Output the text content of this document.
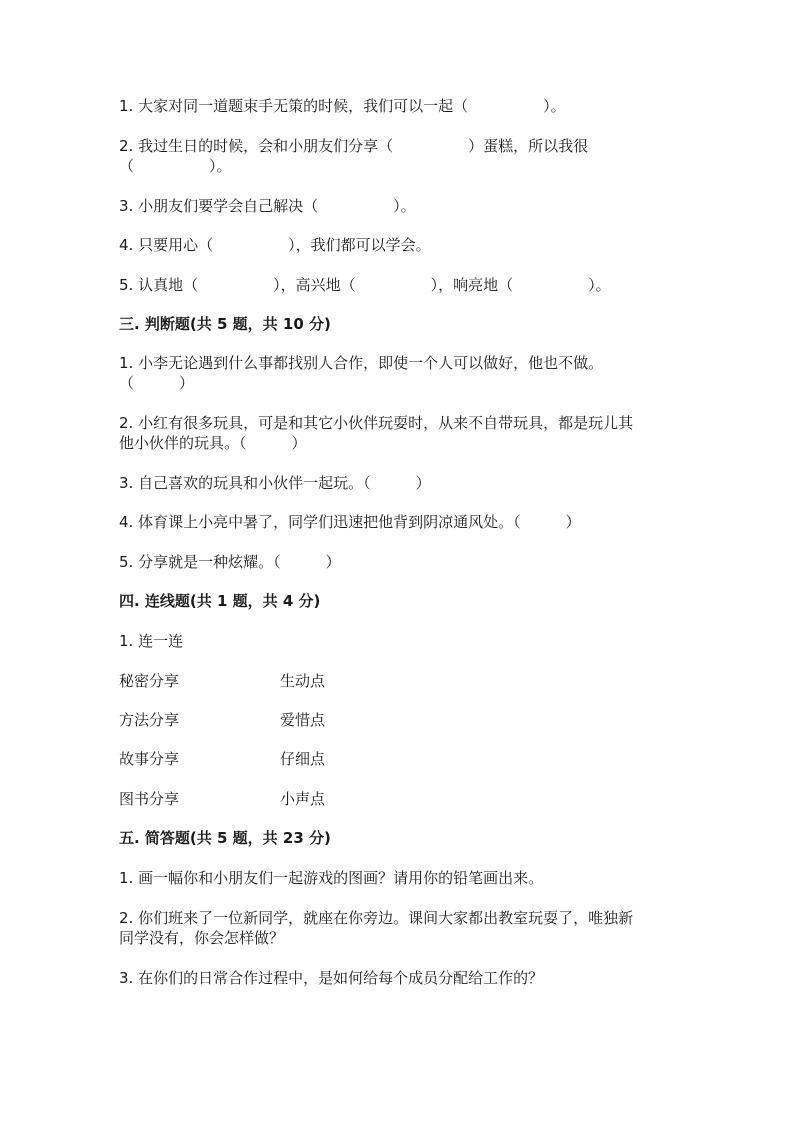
1. 大家对同一道题束手无策的时候，我们可以一起（　　　　　）。
2. 我过生日的时候，会和小朋友们分享（　　　　　）蛋糕，所以我很
（　　　　　）。
3. 小朋友们要学会自己解决（　　　　　）。
4. 只要用心（　　　　　），我们都可以学会。
5. 认真地（　　　　　），高兴地（　　　　　），响亮地（　　　　　）。
三. 判断题(共 5 题，共 10 分)
1. 小李无论遇到什么事都找别人合作，即使一个人可以做好，他也不做。
（　　　）
2. 小红有很多玩具，可是和其它小伙伴玩耍时，从来不自带玩具，都是玩儿其
他小伙伴的玩具。（　　　）
3. 自己喜欢的玩具和小伙伴一起玩。（　　　）
4. 体育课上小亮中暑了，同学们迅速把他背到阴凉通风处。（　　　）
5. 分享就是一种炫耀。（　　　）
四. 连线题(共 1 题，共 4 分)
1. 连一连
秘密分享	生动点
方法分享	爱惜点
故事分享	仔细点
图书分享	小声点
五. 简答题(共 5 题，共 23 分)
1. 画一幅你和小朋友们一起游戏的图画？请用你的铅笔画出来。
2. 你们班来了一位新同学，就座在你旁边。课间大家都出教室玩耍了，唯独新
同学没有，你会怎样做？
3. 在你们的日常合作过程中，是如何给每个成员分配给工作的？
